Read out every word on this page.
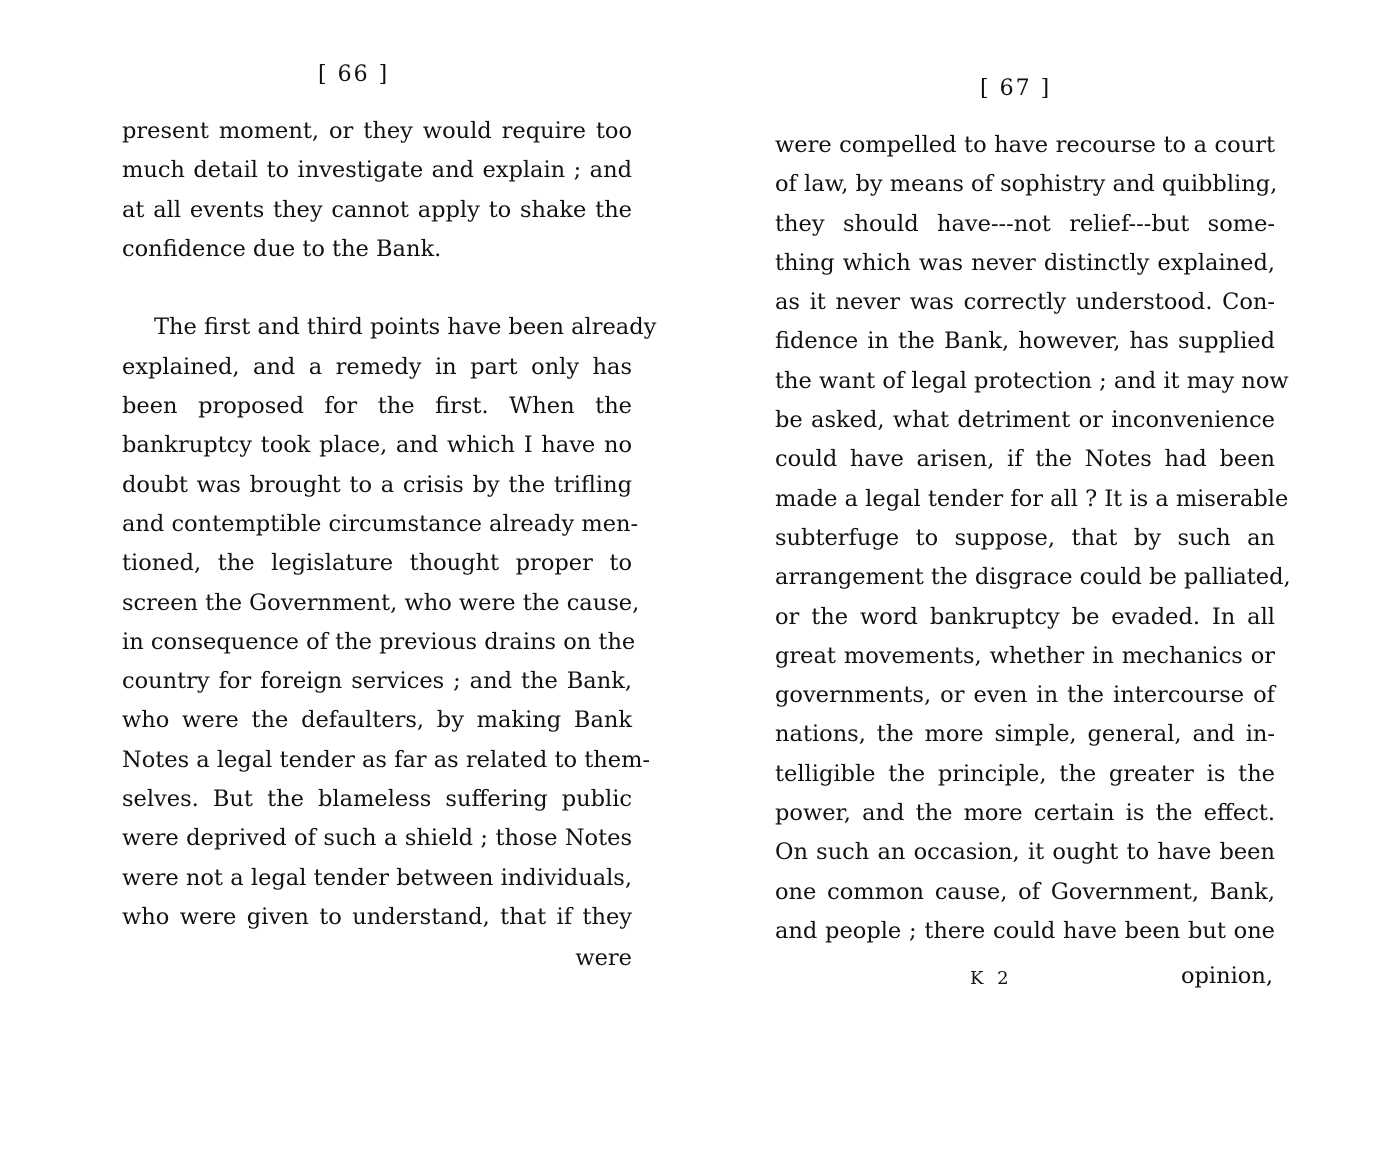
[ 66 ]
present moment, or they would require too
much detail to investigate and explain ; and
at all events they cannot apply to shake the
confidence due to the Bank.
The first and third points have been already
explained, and a remedy in part only has
been proposed for the first. When the
bankruptcy took place, and which I have no
doubt was brought to a crisis by the trifling
and contemptible circumstance already men-
tioned, the legislature thought proper to
screen the Government, who were the cause,
in consequence of the previous drains on the
country for foreign services ; and the Bank,
who were the defaulters, by making Bank
Notes a legal tender as far as related to them-
selves. But the blameless suffering public
were deprived of such a shield ; those Notes
were not a legal tender between individuals,
who were given to understand, that if they
were
[ 67 ]
were compelled to have recourse to a court
of law, by means of sophistry and quibbling,
they should have---not relief---but some-
thing which was never distinctly explained,
as it never was correctly understood. Con-
fidence in the Bank, however, has supplied
the want of legal protection ; and it may now
be asked, what detriment or inconvenience
could have arisen, if the Notes had been
made a legal tender for all ? It is a miserable
subterfuge to suppose, that by such an
arrangement the disgrace could be palliated,
or the word bankruptcy be evaded. In all
great movements, whether in mechanics or
governments, or even in the intercourse of
nations, the more simple, general, and in-
telligible the principle, the greater is the
power, and the more certain is the effect.
On such an occasion, it ought to have been
one common cause, of Government, Bank,
and people ; there could have been but one
K 2	opinion,
